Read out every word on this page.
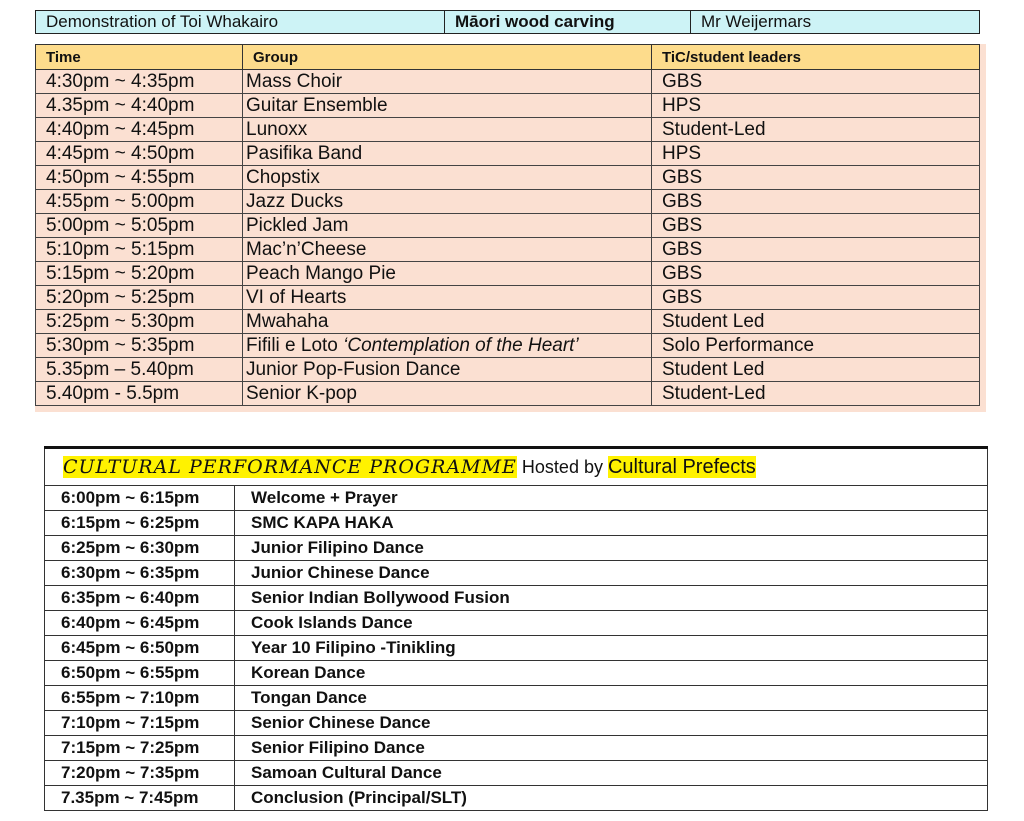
Demonstration of Toi Whakairo	Māori wood carving	Mr Weijermars
Time	Group	TiC/student leaders
4:30pm ~ 4:35pm	Mass Choir	GBS
4.35pm ~ 4:40pm	Guitar Ensemble	HPS
4:40pm ~ 4:45pm	Lunoxx	Student-Led
4:45pm ~ 4:50pm	Pasifika Band	HPS
4:50pm ~ 4:55pm	Chopstix	GBS
4:55pm ~ 5:00pm	Jazz Ducks	GBS
5:00pm ~ 5:05pm	Pickled Jam	GBS
5:10pm ~ 5:15pm	Mac’n’Cheese	GBS
5:15pm ~ 5:20pm	Peach Mango Pie	GBS
5:20pm ~ 5:25pm	VI of Hearts	GBS
5:25pm ~ 5:30pm	Mwahaha	Student Led
5:30pm ~ 5:35pm	Fifili e Loto ‘Contemplation of the Heart’	Solo Performance
5.35pm – 5.40pm	Junior Pop-Fusion Dance	Student Led
5.40pm - 5.5pm	Senior K-pop	Student-Led
CULTURAL PERFORMANCE PROGRAMME Hosted by Cultural Prefects	
6:00pm ~ 6:15pm	Welcome + Prayer
6:15pm ~ 6:25pm	SMC KAPA HAKA
6:25pm ~ 6:30pm	Junior Filipino Dance
6:30pm ~ 6:35pm	Junior Chinese Dance
6:35pm ~ 6:40pm	Senior Indian Bollywood Fusion
6:40pm ~ 6:45pm	Cook Islands Dance
6:45pm ~ 6:50pm	Year 10 Filipino -Tinikling
6:50pm ~ 6:55pm	Korean Dance
6:55pm ~ 7:10pm	Tongan Dance
7:10pm ~ 7:15pm	Senior Chinese Dance
7:15pm ~ 7:25pm	Senior Filipino Dance
7:20pm ~ 7:35pm	Samoan Cultural Dance
7.35pm ~ 7:45pm	Conclusion (Principal/SLT)
